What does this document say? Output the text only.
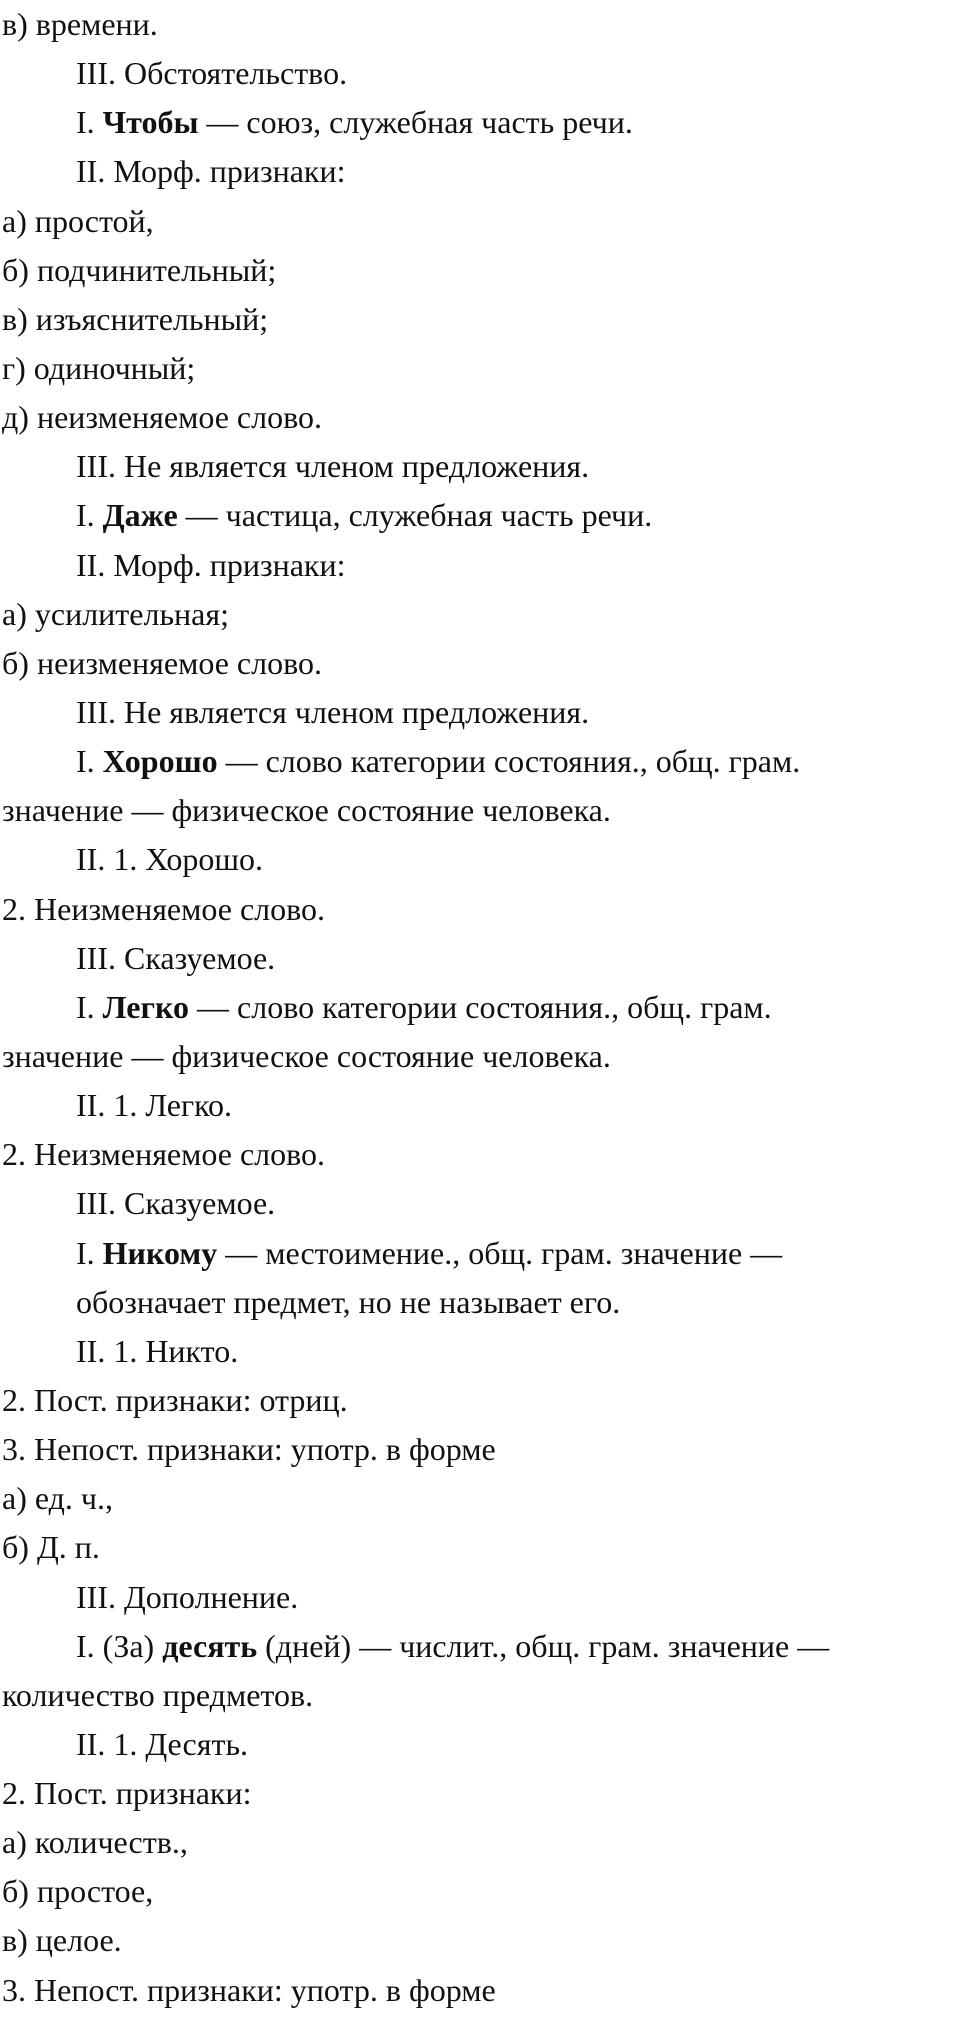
в) времени.
III. Обстоятельство.
I. Чтобы — союз, служебная часть речи.
II. Морф. признаки:
а) простой,
б) подчинительный;
в) изъяснительный;
г) одиночный;
д) неизменяемое слово.
III. Не является членом предложения.
I. Даже — частица, служебная часть речи.
II. Морф. признаки:
а) усилительная;
б) неизменяемое слово.
III. Не является членом предложения.
I. Хорошо — слово категории состояния., общ. грам.
значение — физическое состояние человека.
II. 1. Хорошо.
2. Неизменяемое слово.
III. Сказуемое.
I. Легко — слово категории состояния., общ. грам.
значение — физическое состояние человека.
II. 1. Легко.
2. Неизменяемое слово.
III. Сказуемое.
I. Никому — местоимение., общ. грам. значение —
обозначает предмет, но не называет его.
II. 1. Никто.
2. Пост. признаки: отриц.
3. Непост. признаки: употр. в форме
а) ед. ч.,
б) Д. п.
III. Дополнение.
I. (За) десять (дней) — числит., общ. грам. значение —
количество предметов.
II. 1. Десять.
2. Пост. признаки:
а) количеств.,
б) простое,
в) целое.
3. Непост. признаки: употр. в форме
